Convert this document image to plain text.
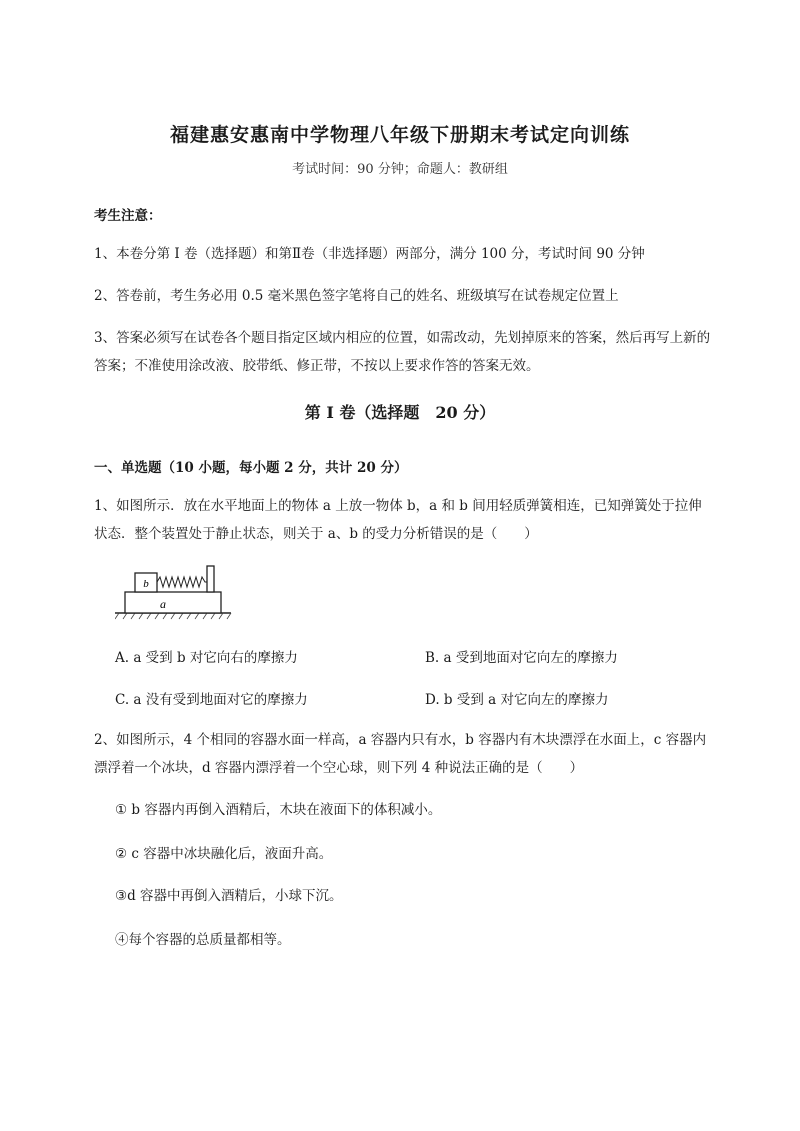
福建惠安惠南中学物理八年级下册期末考试定向训练
考试时间：90 分钟；命题人：教研组
考生注意：
1、本卷分第 I 卷（选择题）和第Ⅱ卷（非选择题）两部分，满分 100 分，考试时间 90 分钟
2、答卷前，考生务必用 0.5 毫米黑色签字笔将自己的姓名、班级填写在试卷规定位置上
3、答案必须写在试卷各个题目指定区域内相应的位置，如需改动，先划掉原来的答案，然后再写上新的答案；不准使用涂改液、胶带纸、修正带，不按以上要求作答的答案无效。
第 I 卷（选择题　20 分）
一、单选题（10 小题，每小题 2 分，共计 20 分）
1、如图所示．放在水平地面上的物体 a 上放一物体 b，a 和 b 间用轻质弹簧相连，已知弹簧处于拉伸状态．整个装置处于静止状态，则关于 a、b 的受力分析错误的是（　　）
b
a
A. a 受到 b 对它向右的摩擦力	B. a 受到地面对它向左的摩擦力
C. a 没有受到地面对它的摩擦力	D. b 受到 a 对它向左的摩擦力
2、如图所示，4 个相同的容器水面一样高，a 容器内只有水，b 容器内有木块漂浮在水面上，c 容器内漂浮着一个冰块，d 容器内漂浮着一个空心球，则下列 4 种说法正确的是（　　）
① b 容器内再倒入酒精后，木块在液面下的体积减小。
② c 容器中冰块融化后，液面升高。
③d 容器中再倒入酒精后，小球下沉。
④每个容器的总质量都相等。
